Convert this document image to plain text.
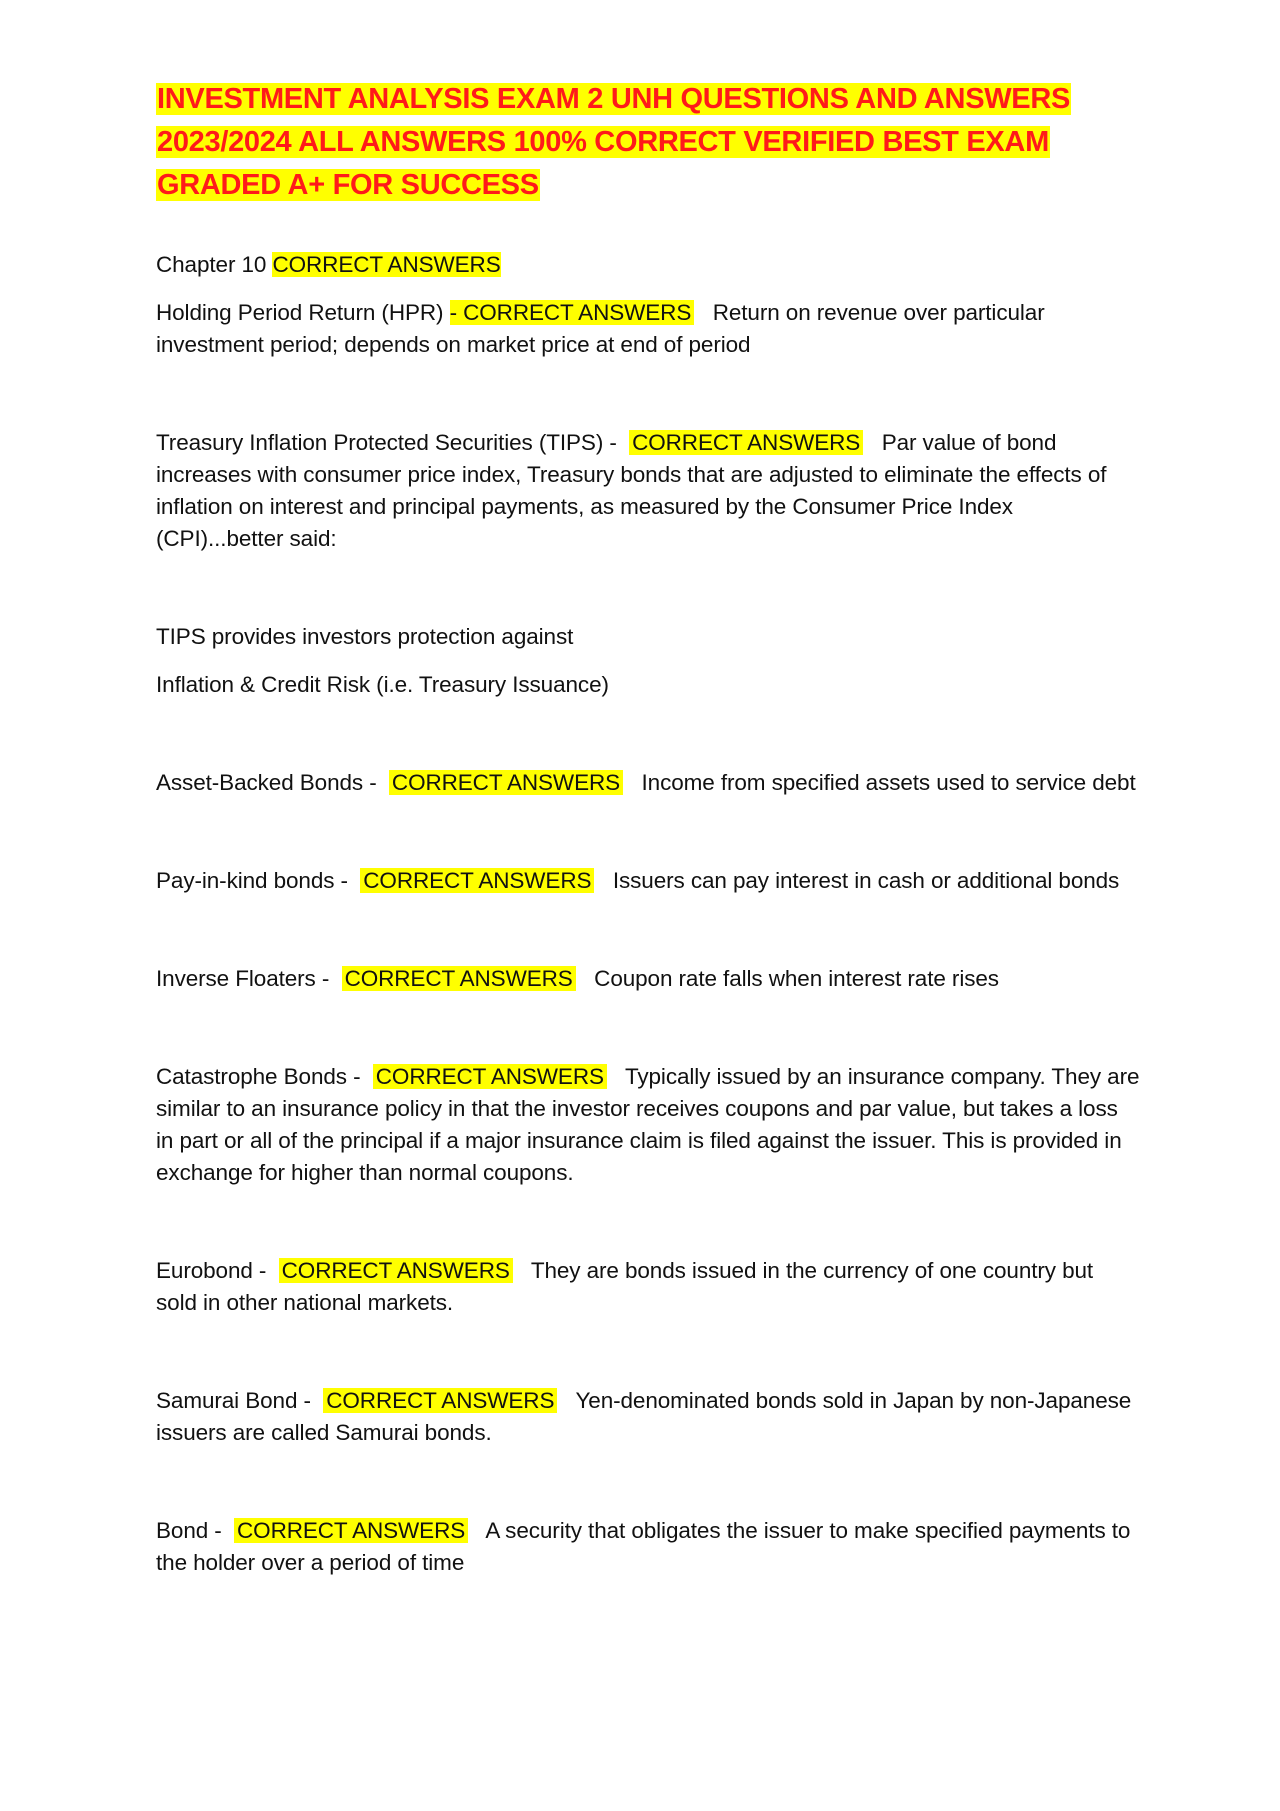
INVESTMENT ANALYSIS EXAM 2 UNH QUESTIONS AND ANSWERS 2023/2024 ALL ANSWERS 100% CORRECT VERIFIED BEST EXAM GRADED A+ FOR SUCCESS

Chapter 10 CORRECT ANSWERS

Holding Period Return (HPR) - CORRECT ANSWERS Return on revenue over particular investment period; depends on market price at end of period

Treasury Inflation Protected Securities (TIPS) - CORRECT ANSWERS Par value of bond increases with consumer price index, Treasury bonds that are adjusted to eliminate the effects of inflation on interest and principal payments, as measured by the Consumer Price Index (CPI)...better said:

TIPS provides investors protection against

Inflation & Credit Risk (i.e. Treasury Issuance)

Asset-Backed Bonds - CORRECT ANSWERS Income from specified assets used to service debt

Pay-in-kind bonds - CORRECT ANSWERS Issuers can pay interest in cash or additional bonds

Inverse Floaters - CORRECT ANSWERS Coupon rate falls when interest rate rises

Catastrophe Bonds - CORRECT ANSWERS Typically issued by an insurance company. They are similar to an insurance policy in that the investor receives coupons and par value, but takes a loss in part or all of the principal if a major insurance claim is filed against the issuer. This is provided in exchange for higher than normal coupons.

Eurobond - CORRECT ANSWERS They are bonds issued in the currency of one country but sold in other national markets.

Samurai Bond - CORRECT ANSWERS Yen-denominated bonds sold in Japan by non-Japanese issuers are called Samurai bonds.

Bond - CORRECT ANSWERS A security that obligates the issuer to make specified payments to the holder over a period of time
